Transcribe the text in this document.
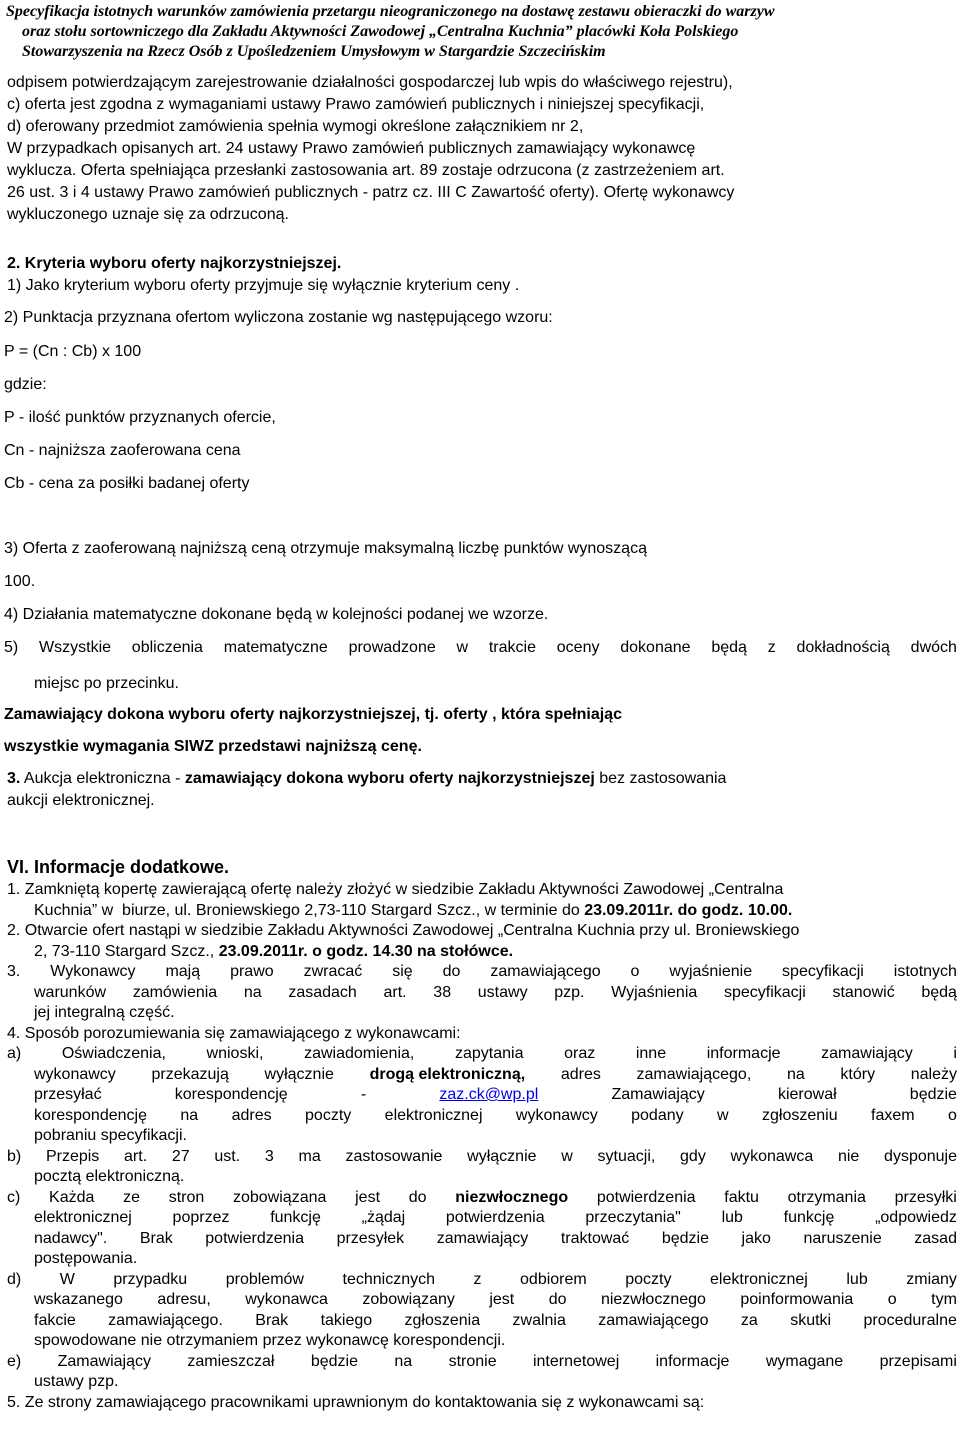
Specyfikacja istotnych warunków zamówienia przetargu nieograniczonego na dostawę zestawu obieraczki do warzyw
oraz stołu sortowniczego dla Zakładu Aktywności Zawodowej „Centralna Kuchnia” placówki Koła Polskiego
Stowarzyszenia na Rzecz Osób z Upośledzeniem Umysłowym w Stargardzie Szczecińskim
odpisem potwierdzającym zarejestrowanie działalności gospodarczej lub wpis do właściwego rejestru),
c) oferta jest zgodna z wymaganiami ustawy Prawo zamówień publicznych i niniejszej specyfikacji,
d) oferowany przedmiot zamówienia spełnia wymogi określone załącznikiem nr 2,
W przypadkach opisanych art. 24 ustawy Prawo zamówień publicznych zamawiający wykonawcę
wyklucza. Oferta spełniająca przesłanki zastosowania art. 89 zostaje odrzucona (z zastrzeżeniem art.
26 ust. 3 i 4 ustawy Prawo zamówień publicznych - patrz cz. III C Zawartość oferty). Ofertę wykonawcy
wykluczonego uznaje się za odrzuconą.
2. Kryteria wyboru oferty najkorzystniejszej.
1) Jako kryterium wyboru oferty przyjmuje się wyłącznie kryterium ceny .
2) Punktacja przyznana ofertom wyliczona zostanie wg następującego wzoru:
P = (Cn : Cb) x 100
gdzie:
P - ilość punktów przyznanych ofercie,
Cn - najniższa zaoferowana cena
Cb - cena za posiłki badanej oferty
3) Oferta z zaoferowaną najniższą ceną otrzymuje maksymalną liczbę punktów wynoszącą
100.
4) Działania matematyczne dokonane będą w kolejności podanej we wzorze.
5) Wszystkie obliczenia matematyczne prowadzone w trakcie oceny dokonane będą z dokładnością dwóch
miejsc po przecinku.
Zamawiający dokona wyboru oferty najkorzystniejszej, tj. oferty , która spełniając
wszystkie wymagania SIWZ przedstawi najniższą cenę.
3. Aukcja elektroniczna - zamawiający dokona wyboru oferty najkorzystniejszej bez zastosowania
aukcji elektronicznej.
VI. Informacje dodatkowe.
1. Zamkniętą kopertę zawierającą ofertę należy złożyć w siedzibie Zakładu Aktywności Zawodowej „Centralna
Kuchnia” w  biurze, ul. Broniewskiego 2,73-110 Stargard Szcz., w terminie do 23.09.2011r. do godz. 10.00.
2. Otwarcie ofert nastąpi w siedzibie Zakładu Aktywności Zawodowej „Centralna Kuchnia przy ul. Broniewskiego
2, 73-110 Stargard Szcz., 23.09.2011r. o godz. 14.30 na stołówce.
3. Wykonawcy mają prawo zwracać się do zamawiającego o wyjaśnienie specyfikacji istotnych
warunków zamówienia na zasadach art. 38 ustawy pzp. Wyjaśnienia specyfikacji stanowić będą
jej integralną część.
4. Sposób porozumiewania się zamawiającego z wykonawcami:
a)	Oświadczenia,	wnioski,	zawiadomienia,	zapytania	oraz	inne	informacje	zamawiający	i
wykonawcy przekazują wyłącznie drogą elektroniczną, adres zamawiającego, na który należy
przesyłać	korespondencję	-	zaz.ck@wp.pl	Zamawiający	kierował	będzie
korespondencję na adres poczty elektronicznej wykonawcy podany w zgłoszeniu faxem o
pobraniu specyfikacji.
b) Przepis art. 27 ust. 3 ma zastosowanie wyłącznie w sytuacji, gdy wykonawca nie dysponuje
pocztą elektroniczną.
c) Każda ze stron zobowiązana jest do niezwłocznego potwierdzenia faktu otrzymania przesyłki
elektronicznej	poprzez	funkcję	„żądaj	potwierdzenia	przeczytania"	lub	funkcję	„odpowiedz
nadawcy". Brak potwierdzenia przesyłek zamawiający traktować będzie jako naruszenie zasad
postępowania.
d) W przypadku problemów technicznych z odbiorem poczty elektronicznej lub zmiany
wskazanego adresu, wykonawca zobowiązany jest do niezwłocznego poinformowania o tym
fakcie zamawiającego. Brak takiego zgłoszenia zwalnia zamawiającego za skutki proceduralne
spowodowane nie otrzymaniem przez wykonawcę korespondencji.
e) Zamawiający zamieszczał będzie na stronie internetowej informacje wymagane przepisami
ustawy pzp.
5. Ze strony zamawiającego pracownikami uprawnionym do kontaktowania się z wykonawcami są:
